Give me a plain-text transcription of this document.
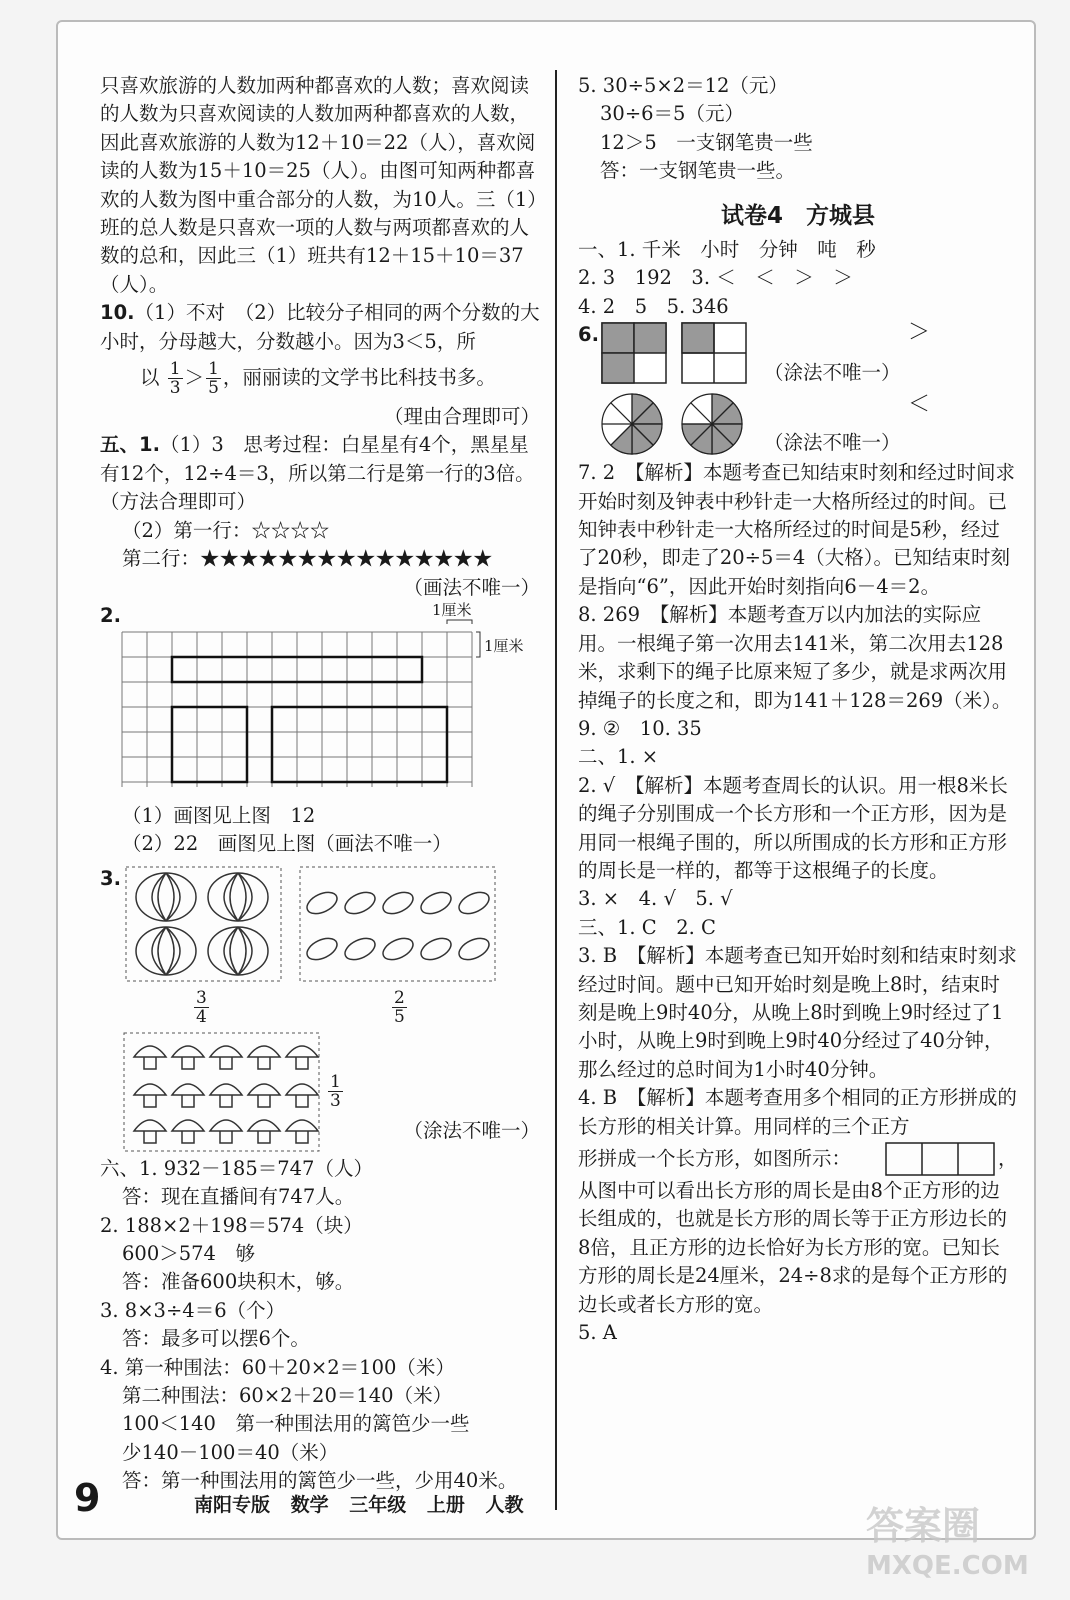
只喜欢旅游的人数加两种都喜欢的人数；喜欢阅读的人数为只喜欢阅读的人数加两种都喜欢的人数，因此喜欢旅游的人数为12＋10＝22（人），喜欢阅读的人数为15＋10＝25（人）。由图可知两种都喜欢的人数为图中重合部分的人数，为10人。三（1）班的总人数是只喜欢一项的人数与两项都喜欢的人数的总和，因此三（1）班共有12＋15＋10＝37（人）。
10.（1）不对　（2）比较分子相同的两个分数的大小时，分母越大，分数越小。因为3＜5，所
以 $\frac{1}{3} > \frac{1}{5}$ ，丽丽读的文学书比科技书多。
（理由合理即可）
五、1.（1）3　思考过程：白星星有4个，黑星星有12个，12÷4＝3，所以第二行是第一行的3倍。（方法合理即可）
（2）第一行：☆☆☆☆
第二行：★★★★★★★★★★★★★★★
（画法不唯一）
2.	1厘米
1厘米
（1）画图见上图　12
（2）22　画图见上图（画法不唯一）
3.
$\frac{3}{4}$	$\frac{2}{5}$
$\frac{1}{3}$
（涂法不唯一）
六、1. 932－185＝747（人）
答：现在直播间有747人。
2. 188×2＋198＝574（块）
600＞574　够
答：准备600块积木，够。
3. 8×3÷4＝6（个）
答：最多可以摆6个。
4. 第一种围法：60＋20×2＝100（米）
第二种围法：60×2＋20＝140（米）
100＜140　第一种围法用的篱笆少一些
少140－100＝40（米）
答：第一种围法用的篱笆少一些，少用40米。
5. 30÷5×2＝12（元）
30÷6＝5（元）
12＞5　一支钢笔贵一些
答：一支钢笔贵一些。
试卷4　方城县
一、1. 千米　小时　分钟　吨　秒
2. 3　192　3. ＜　＜　＞　＞
4. 2　5　5. 346
6.	＞
（涂法不唯一）
＜
（涂法不唯一）
7. 2　【解析】本题考查已知结束时刻和经过时间求开始时刻及钟表中秒针走一大格所经过的时间。已知钟表中秒针走一大格所经过的时间是5秒，经过了20秒，即走了20÷5＝4（大格）。已知结束时刻是指向“6”，因此开始时刻指向6－4＝2。
8. 269　【解析】本题考查万以内加法的实际应用。一根绳子第一次用去141米，第二次用去128米，求剩下的绳子比原来短了多少，就是求两次用掉绳子的长度之和，即为141＋128＝269（米）。
9. ②　10. 35
二、1. ×
2. √　【解析】本题考查周长的认识。用一根8米长的绳子分别围成一个长方形和一个正方形，因为是用同一根绳子围的，所以所围成的长方形和正方形的周长是一样的，都等于这根绳子的长度。
3. ×　4. √　5. √
三、1. C　2. C
3. B　【解析】本题考查已知开始时刻和结束时刻求经过时间。题中已知开始时刻是晚上8时，结束时刻是晚上9时40分，从晚上8时到晚上9时经过了1小时，从晚上9时到晚上9时40分经过了40分钟，那么经过的总时间为1小时40分钟。
4. B　【解析】本题考查用多个相同的正方形拼成的长方形的相关计算。用同样的三个正方
形拼成一个长方形，如图所示：	，
从图中可以看出长方形的周长是由8个正方形的边长组成的，也就是长方形的周长等于正方形边长的8倍，且正方形的边长恰好为长方形的宽。已知长方形的周长是24厘米，24÷8求的是每个正方形的边长或者长方形的宽。
5. A
9	南阳专版 数学 三年级 上册 人教	答案圈
MXQE.COM
